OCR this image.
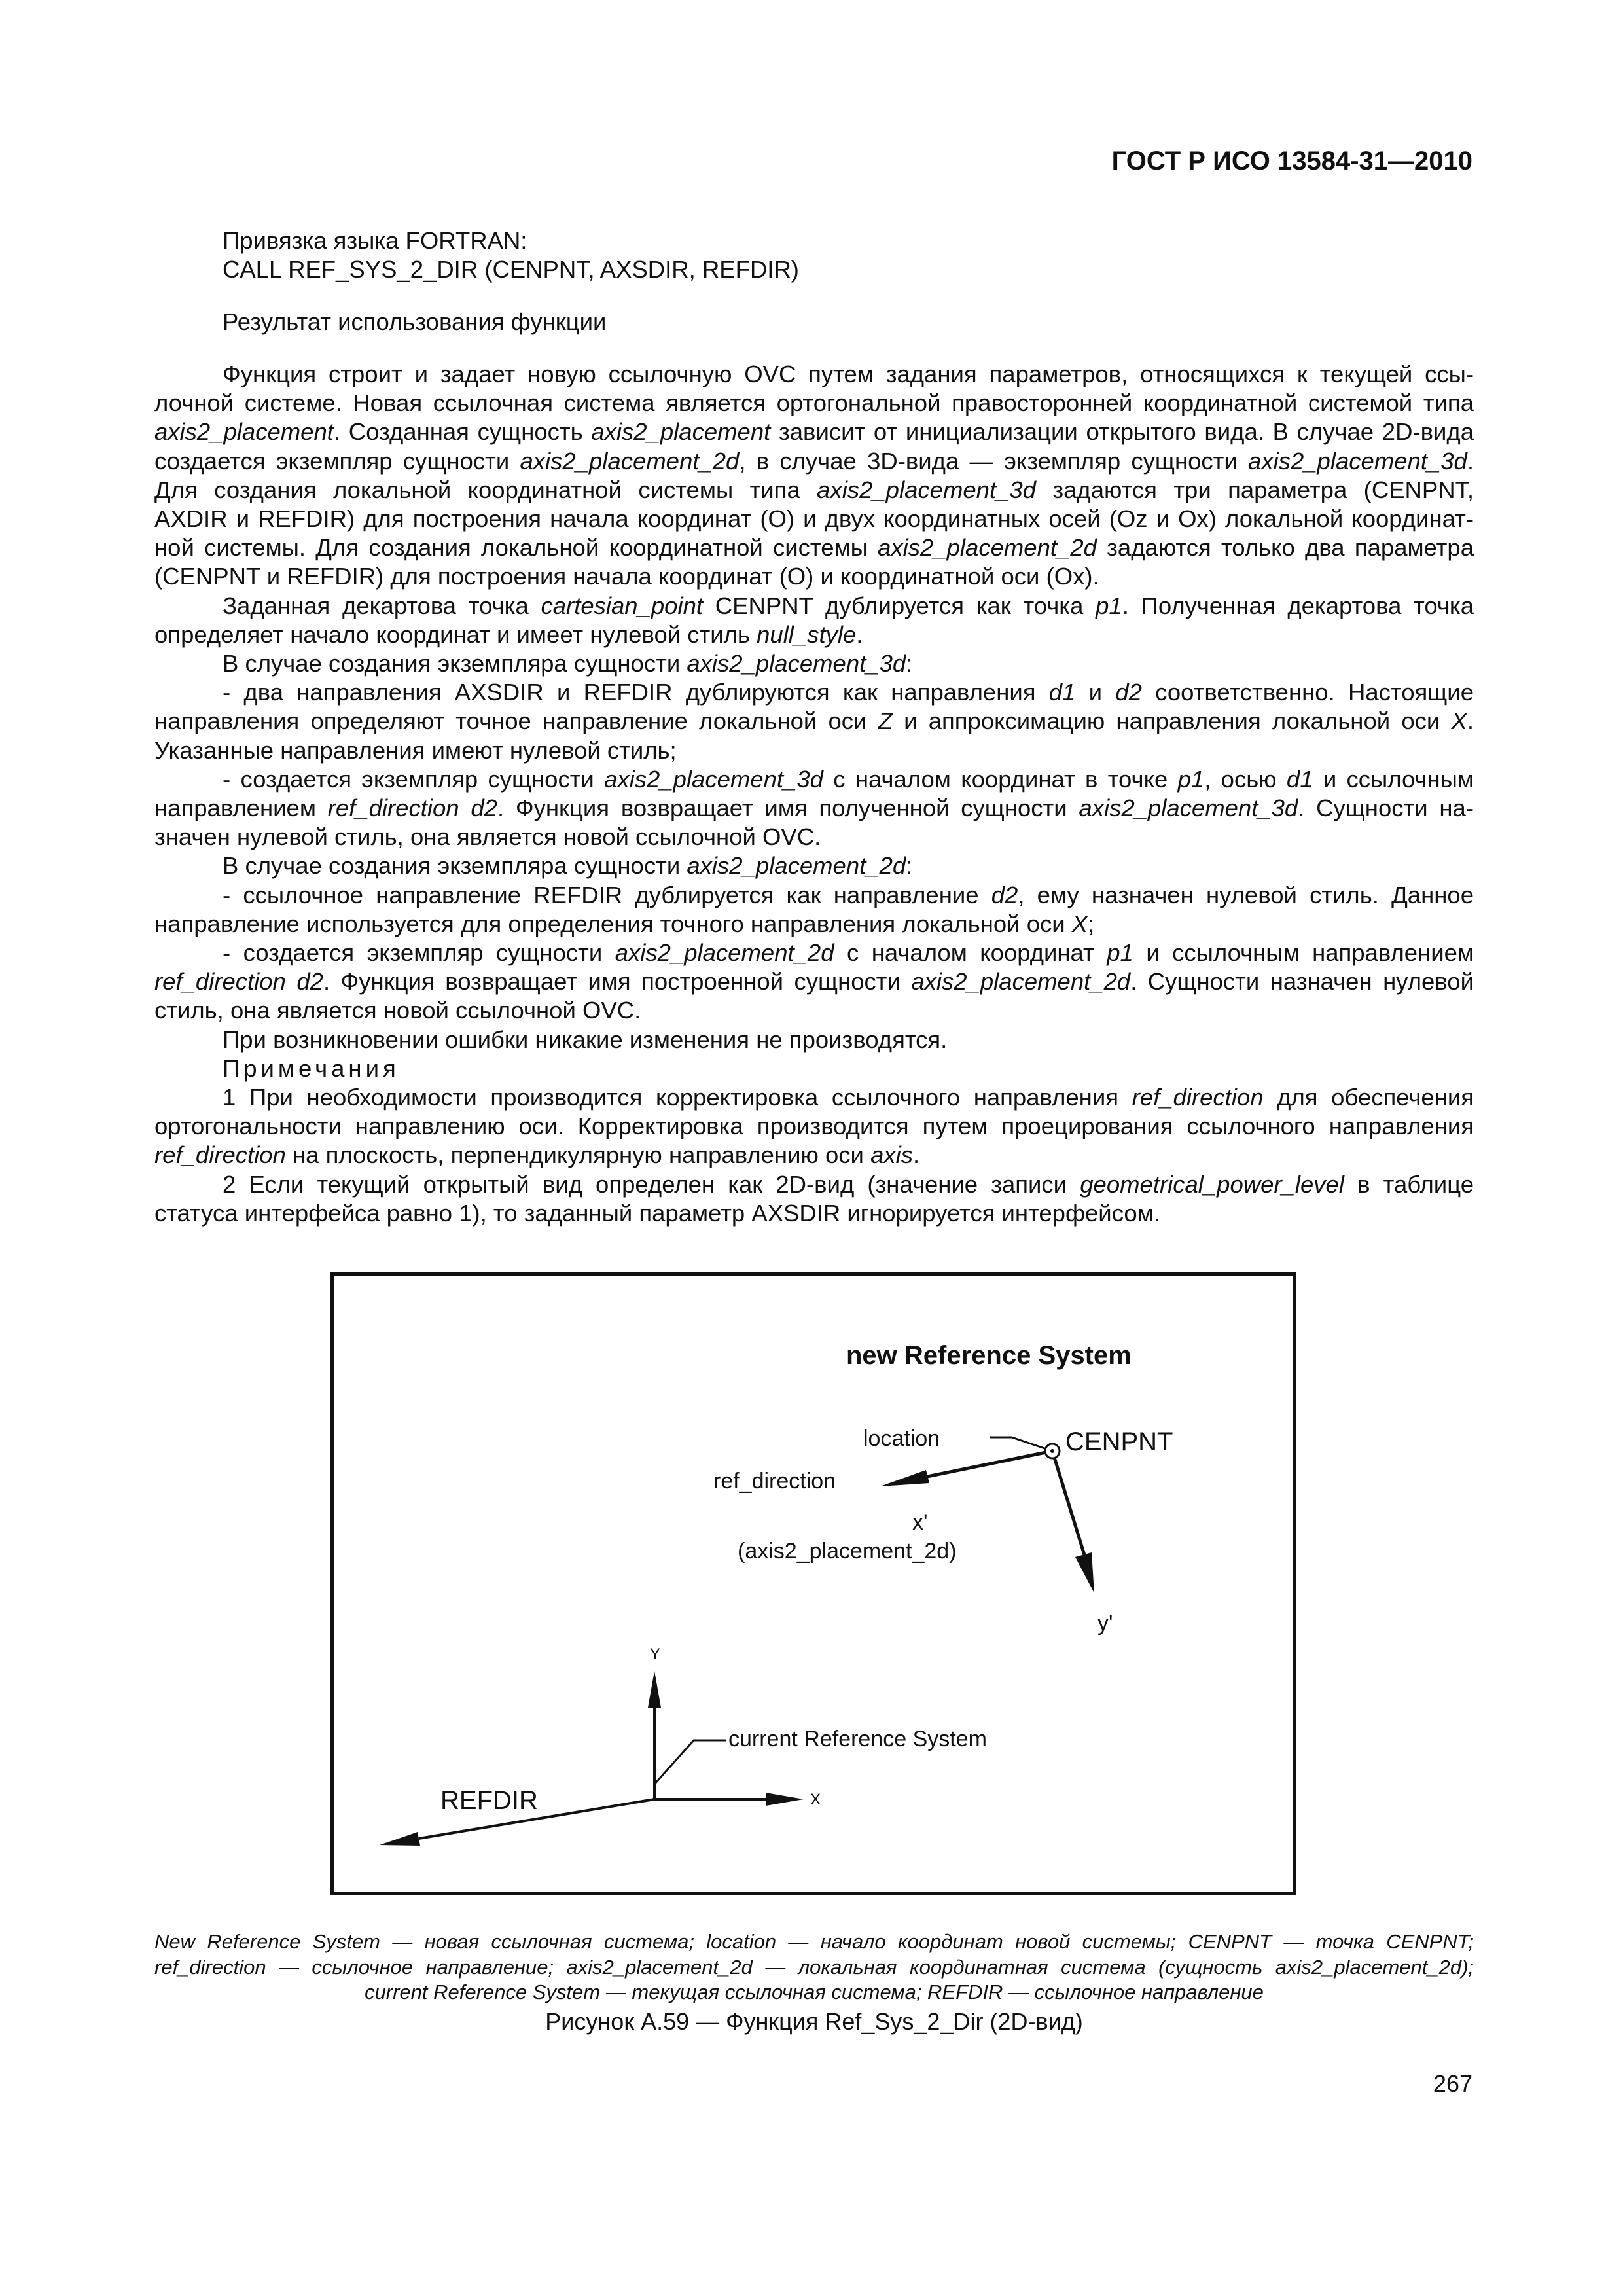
ГОСТ Р ИСО 13584-31—2010
Привязка языка FORTRAN:
CALL REF_SYS_2_DIR (CENPNT, AXSDIR, REFDIR)
Результат использования функции
Функция строит и задает новую ссылочную OVC путем задания параметров, относящихся к текущей ссы-
лочной системе. Новая ссылочная система является ортогональной правосторонней координатной системой типа
axis2_placement. Созданная сущность axis2_placement зависит от инициализации открытого вида. В случае 2D-вида
создается экземпляр сущности axis2_placement_2d, в случае 3D-вида — экземпляр сущности axis2_placement_3d.
Для создания локальной координатной системы типа axis2_placement_3d задаются три параметра (CENPNT,
AXDIR и REFDIR) для построения начала координат (O) и двух координатных осей (Oz и Ox) локальной координат-
ной системы. Для создания локальной координатной системы axis2_placement_2d задаются только два параметра
(CENPNT и REFDIR) для построения начала координат (O) и координатной оси (Ox).
Заданная декартова точка cartesian_point CENPNT дублируется как точка p1. Полученная декартова точка
определяет начало координат и имеет нулевой стиль null_style.
В случае создания экземпляра сущности axis2_placement_3d:
- два направления AXSDIR и REFDIR дублируются как направления d1 и d2 соответственно. Настоящие
направления определяют точное направление локальной оси Z и аппроксимацию направления локальной оси X.
Указанные направления имеют нулевой стиль;
- создается экземпляр сущности axis2_placement_3d с началом координат в точке p1, осью d1 и ссылочным
направлением ref_direction d2. Функция возвращает имя полученной сущности axis2_placement_3d. Сущности на-
значен нулевой стиль, она является новой ссылочной OVC.
В случае создания экземпляра сущности axis2_placement_2d:
- ссылочное направление REFDIR дублируется как направление d2, ему назначен нулевой стиль. Данное
направление используется для определения точного направления локальной оси X;
- создается экземпляр сущности axis2_placement_2d с началом координат p1 и ссылочным направлением
ref_direction d2. Функция возвращает имя построенной сущности axis2_placement_2d. Сущности назначен нулевой
стиль, она является новой ссылочной OVC.
При возникновении ошибки никакие изменения не производятся.
Примечания
1 При необходимости производится корректировка ссылочного направления ref_direction для обеспечения
ортогональности направлению оси. Корректировка производится путем проецирования ссылочного направления
ref_direction на плоскость, перпендикулярную направлению оси axis.
2 Если текущий открытый вид определен как 2D-вид (значение записи geometrical_power_level в таблице
статуса интерфейса равно 1), то заданный параметр AXSDIR игнорируется интерфейсом.
new Reference System
location	CENPNT
ref_direction
x'
(axis2_placement_2d)
y'
Y
current Reference System
REFDIR	X
New Reference System — новая ссылочная система; location — начало координат новой системы; CENPNT — точка CENPNT;
ref_direction — ссылочное направление; axis2_placement_2d — локальная координатная система (сущность axis2_placement_2d);
current Reference System — текущая ссылочная система; REFDIR — ссылочное направление
Рисунок А.59 — Функция Ref_Sys_2_Dir (2D-вид)
267
